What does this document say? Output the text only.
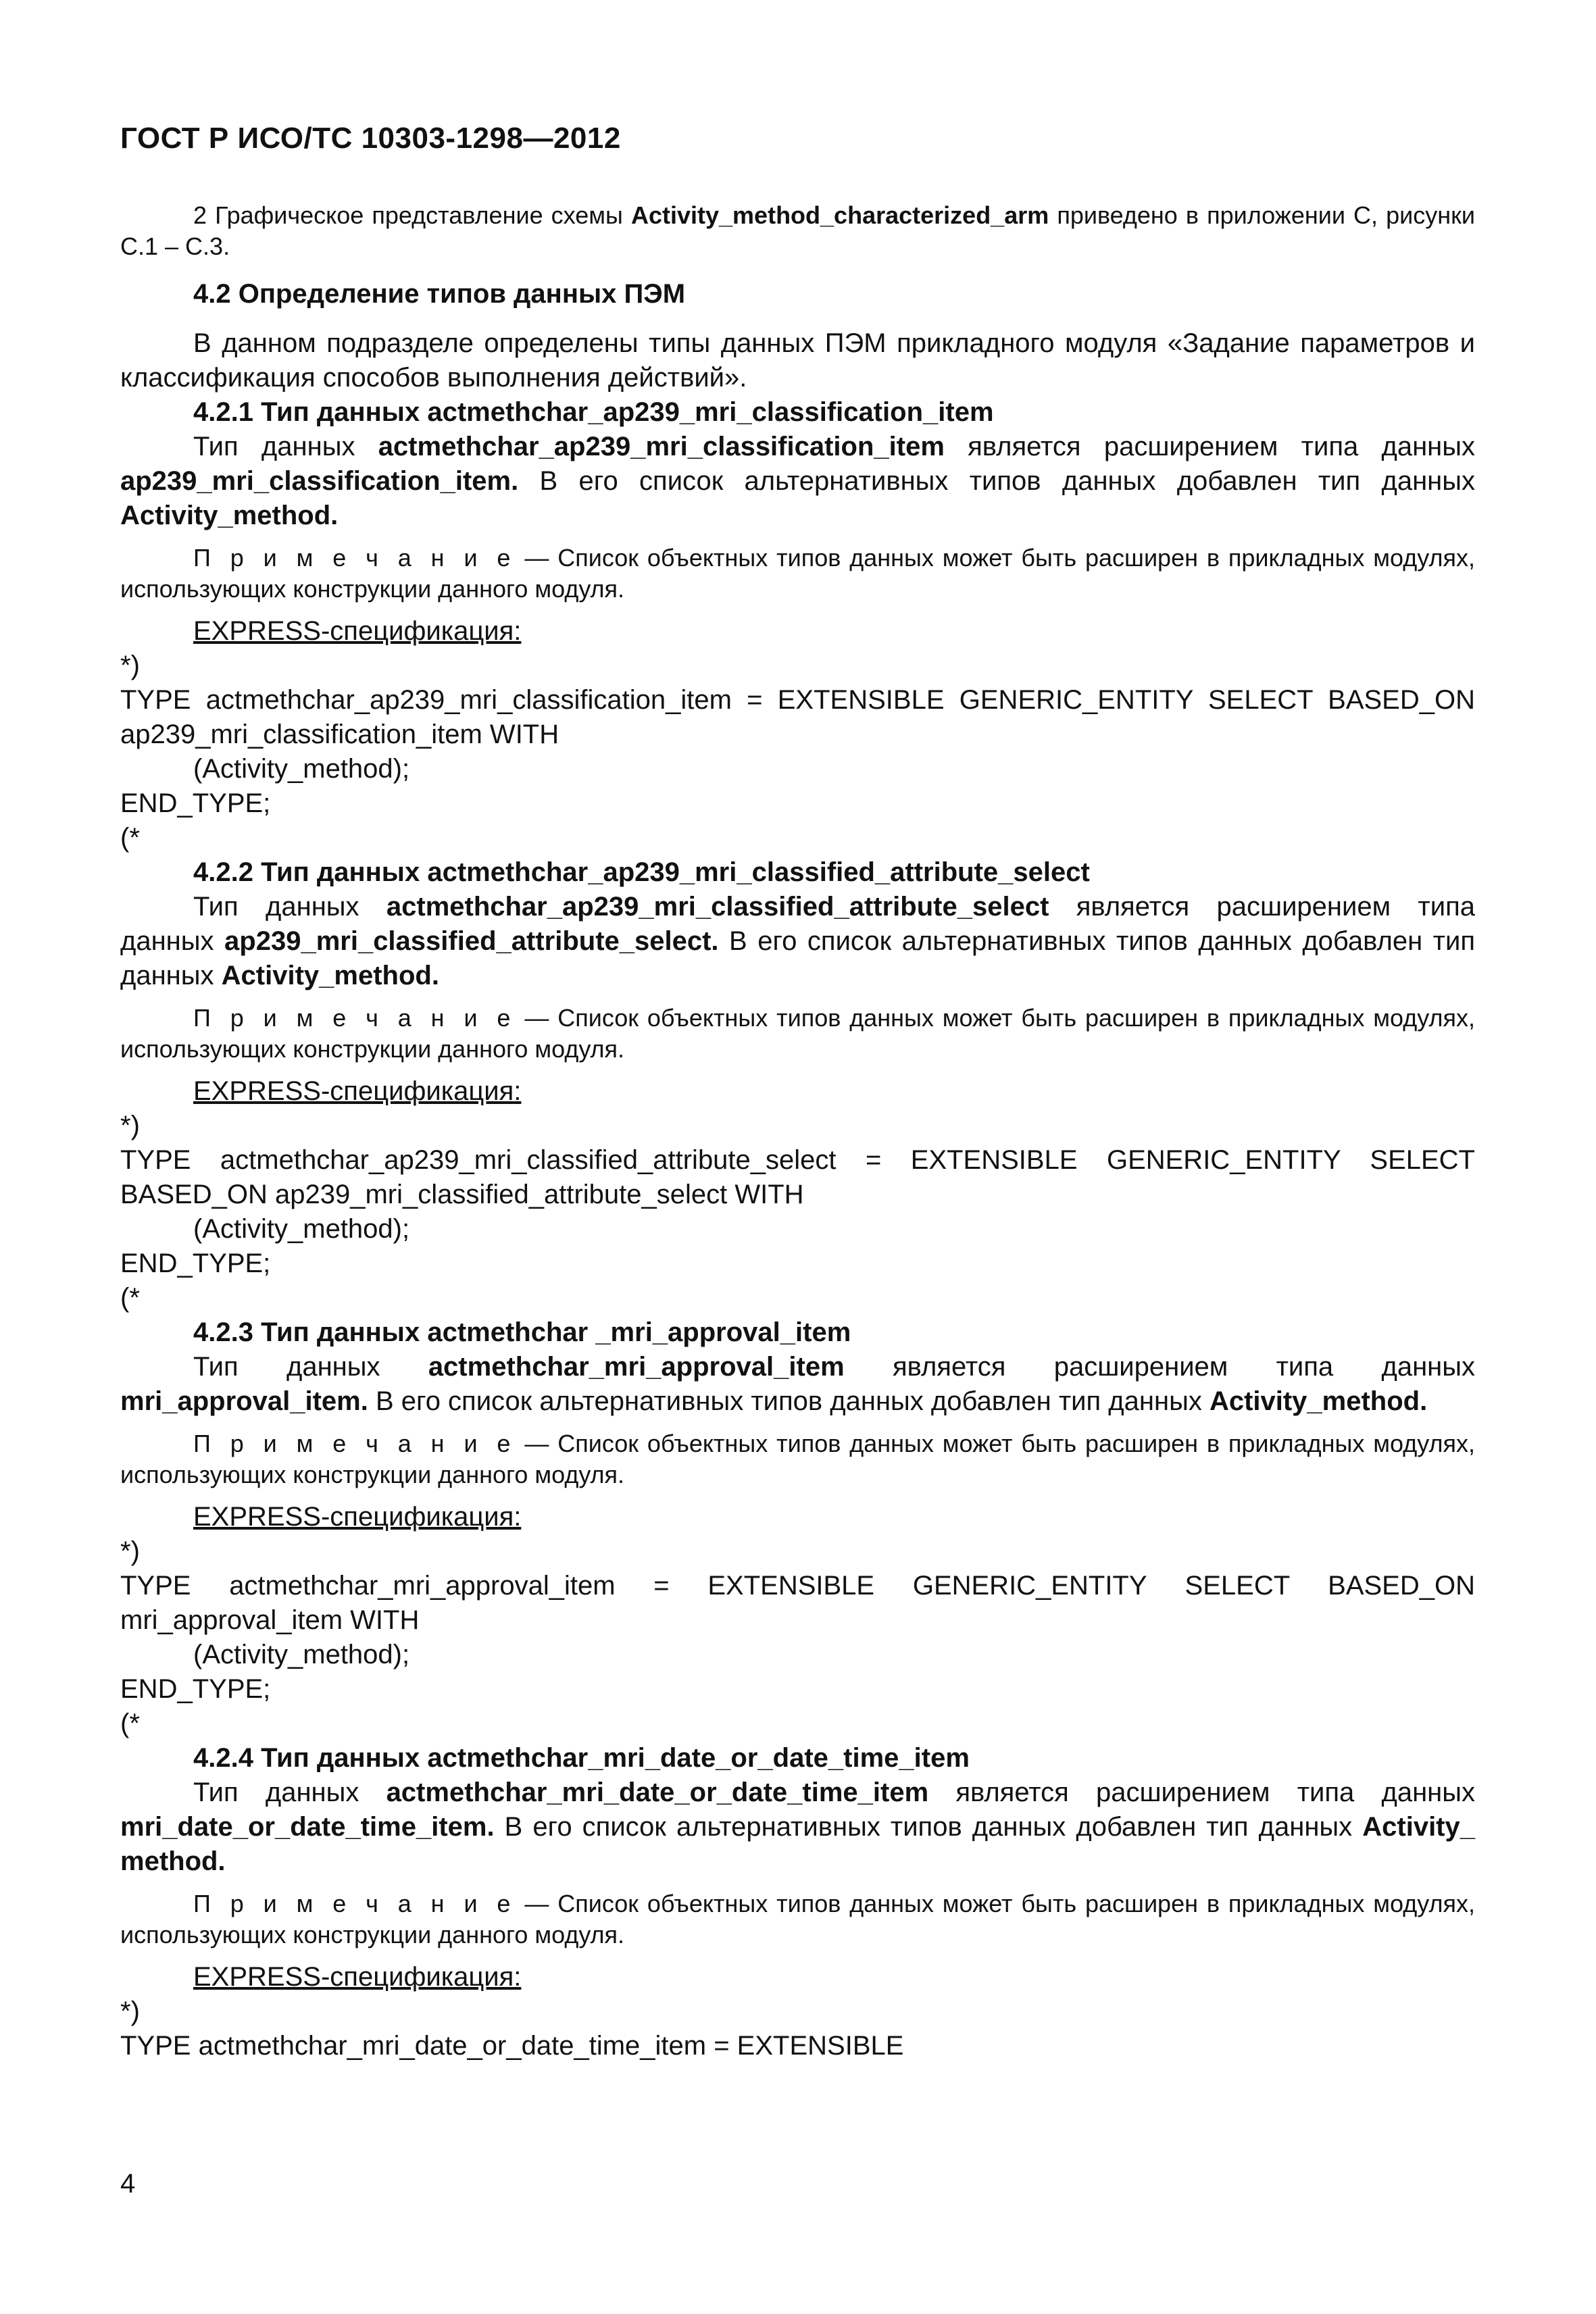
ГОСТ Р ИСО/ТС 10303-1298—2012

2 Графическое представление схемы Activity_method_characterized_arm приведено в приложении С, рисунки С.1 – С.3.

4.2 Определение типов данных ПЭМ

В данном подразделе определены типы данных ПЭМ прикладного модуля «Задание параметров и классификация способов выполнения действий».

4.2.1 Тип данных actmethchar_ap239_mri_classification_item

Тип данных actmethchar_ap239_mri_classification_item является расширением типа данных ap239_mri_classification_item. В его список альтернативных типов данных добавлен тип данных Activity_method.

П р и м е ч а н и е — Список объектных типов данных может быть расширен в прикладных модулях, использующих конструкции данного модуля.

EXPRESS-спецификация:

*)

TYPE actmethchar_ap239_mri_classification_item = EXTENSIBLE GENERIC_ENTITY SELECT BASED_ON ap239_mri_classification_item WITH

(Activity_method);

END_TYPE;

(*

4.2.2 Тип данных actmethchar_ap239_mri_classified_attribute_select

Тип данных actmethchar_ap239_mri_classified_attribute_select является расширением типа данных ap239_mri_classified_attribute_select. В его список альтернативных типов данных добавлен тип данных Activity_method.

П р и м е ч а н и е — Список объектных типов данных может быть расширен в прикладных модулях, использующих конструкции данного модуля.

EXPRESS-спецификация:

*)

TYPE actmethchar_ap239_mri_classified_attribute_select = EXTENSIBLE GENERIC_ENTITY SELECT BASED_ON ap239_mri_classified_attribute_select WITH

(Activity_method);

END_TYPE;

(*

4.2.3 Тип данных actmethchar _mri_approval_item

Тип данных actmethchar_mri_approval_item является расширением типа данных mri_approval_item. В его список альтернативных типов данных добавлен тип данных Activity_method.

П р и м е ч а н и е — Список объектных типов данных может быть расширен в прикладных модулях, использующих конструкции данного модуля.

EXPRESS-спецификация:

*)

TYPE actmethchar_mri_approval_item = EXTENSIBLE GENERIC_ENTITY SELECT BASED_ON mri_approval_item WITH

(Activity_method);

END_TYPE;

(*

4.2.4 Тип данных actmethchar_mri_date_or_date_time_item

Тип данных actmethchar_mri_date_or_date_time_item является расширением типа данных mri_date_or_date_time_item. В его список альтернативных типов данных добавлен тип данных Activity_ method.

П р и м е ч а н и е — Список объектных типов данных может быть расширен в прикладных модулях, использующих конструкции данного модуля.

EXPRESS-спецификация:

*)

TYPE actmethchar_mri_date_or_date_time_item = EXTENSIBLE

4
